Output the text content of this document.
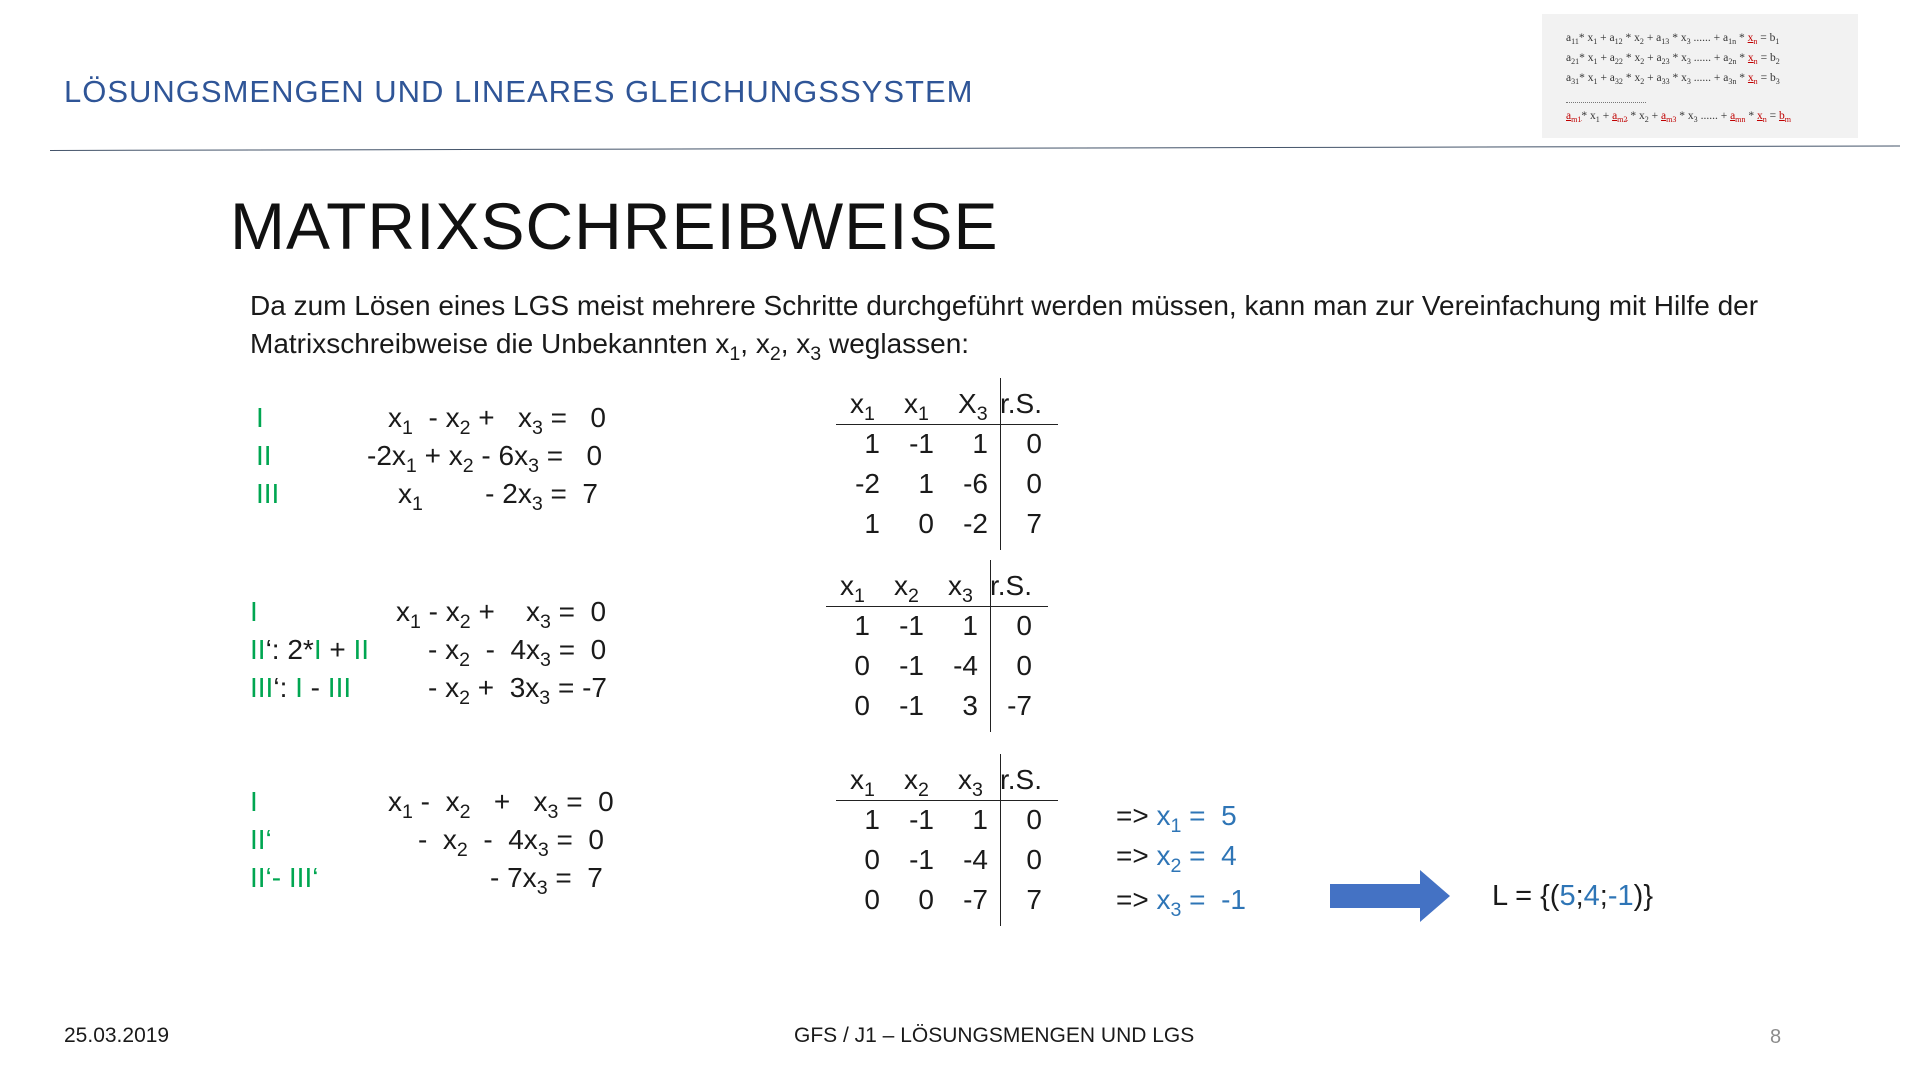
LÖSUNGSMENGEN UND LINEARES GLEICHUNGSSYSTEM
$a_{11}*$ $x_1 + a_{12} * x_2 + a_{13} * x_3$ ...... + $a_{1n} * x_n = b_1$
$a_{21}*$ $x_1 + a_{22} * x_2 + a_{23} * x_3$ ...... + $a_{2n} * x_n = b_2$
$a_{31}*$ $x_1 + a_{32} * x_2 + a_{33} * x_3$ ...... + $a_{3n} * x_n = b_3$
$a_{m1}*$ $x_1 + a_{m2} * x_2 + a_{m3} * x_3$ ...... + $a_{mn} * x_n = b_m$
MATRIXSCHREIBWEISE
Da zum Lösen eines LGS meist mehrere Schritte durchgeführt werden müssen, kann man zur Vereinfachung mit Hilfe der
Matrixschreibweise die Unbekannten $x_1$, $x_2$, $x_3$ weglassen:
I
II
III
$x_1 - x_2 + x_3 = 0$
$-2x_1 + x_2 - 6x_3 = 0$
$x_1$        - $2x_3 = 7$
I
II‘: 2*I + II
III‘: I - III
$x_1 - x_2$ +    $x_3 = 0$
- $x_2 - 4x_3 = 0$
- $x_2 + 3x_3 = -7$
I
II‘
II‘- III‘
$x_1 - x_2 + x_3 = 0$
-  $x_2 - 4x_3 = 0$
- $7x_3 = 7$
$x_1$ $x_1$ $X_3$ r.S.
1	-1	1	0
-2	1	-6	0
1	0	-2	7
$x_1$ $x_2$ $x_3$ r.S.
1	-1	1	0
0	-1	-4	0
0	-1	3	-7
$x_1$ $x_2$ $x_3$ r.S.
1	-1	1	0
0	-1	-4	0
0	0	-7	7
=> $x_1 = 5$
=> $x_2 = 4$
=> $x_3 = -1$	L = {(5;4;-1)}
25.03.2019	GFS / J1 – LÖSUNGSMENGEN UND LGS	8
